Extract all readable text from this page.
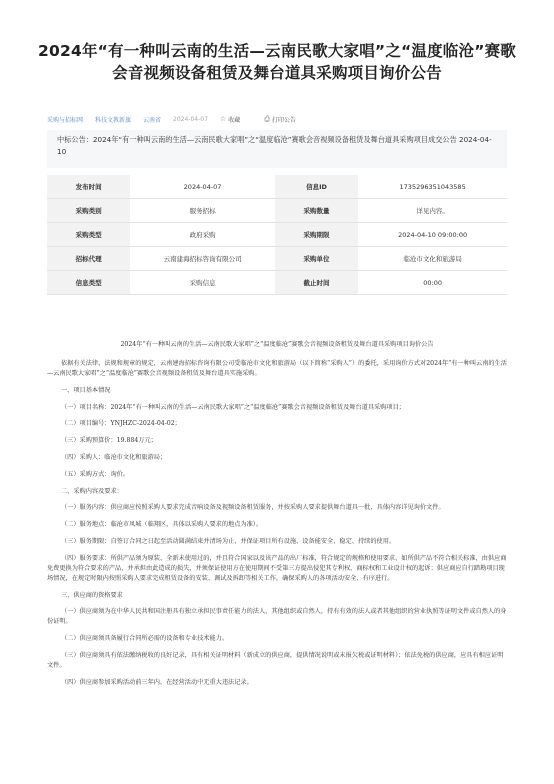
2024年“有一种叫云南的生活—云南民歌大家唱”之“温度临沧”赛歌
会音视频设备租赁及舞台道具采购项目询价公告
采购与招标网 科技文教新旗 云南省 2024-04-07 ☆ 收藏	⎙ 打印公告
中标公告：2024年“有一种叫云南的生活—云南民歌大家唱”之“温度临沧”赛歌会音视频设备租赁及舞台道具采购项目成交公告 2024-04-10
发布时间	2024-04-07	信息ID	1735296351043585
采购类别	服务招标	采购数量	详见内容。
采购类型	政府采购	采购期限	2024-04-10 09:00:00
招标代理	云南建海招标咨询有限公司	采购单位	临沧市文化和旅游局
信息类型	采购信息	截止时间	00:00

2024年“有一种叫云南的生活—云南民歌大家唱”之“温度临沧”赛歌会音视频设备租赁及舞台道具采购项目询价公告

依据有关法律、法规和规章的规定，云南建海招标咨询有限公司受临沧市文化和旅游局（以下简称“采购人”）的委托，采用询价方式对2024年“有一种叫云南的生活—云南民歌大家唱”之“温度临沧”赛歌会音视频设备租赁及舞台道具实施采购。

一、项目基本情况

（一）项目名称：2024年“有一种叫云南的生活—云南民歌大家唱”之“温度临沧”赛歌会音视频设备租赁及舞台道具采购项目；

（二）项目编号：YNJHZC-2024-04-02；

（三）采购预算价：19.884万元；

（四）采购人：临沧市文化和旅游局；

（五）采购方式：询价。

二、采购内容及要求：

（一）服务内容：供应商应按照采购人要求完成音响设备及视频设备租赁服务，并按采购人要求提供舞台道具一批，具体内容详见询价文件。

（二）服务地点：临沧市凤城（临翔区，具体以采购人要求的地点为准）。

（三）服务期限：自签订合同之日起至活动圆满结束并清场为止，并保证项目所有设施、设备能安全、稳定、持续的使用。

（四）服务要求：所供产品须为原装、全新未使用过的，并且符合国家以及该产品的出厂标准，符合规定的规格和使用要求，如所供产品不符合相关标准，由供应商免费更换为符合要求的产品，并承担由此造成的损失，并须保证使用方在使用期间不受第三方提出侵犯其专利权、商标权和工业设计权的起诉；供应商应自行踏勘项目现场情况，在规定时限内按照采购人要求完成租赁设备的安装、调试及拆卸等相关工作，确保采购人的各项活动安全、有序进行。

三、供应商的资格要求

（一）供应商须为在中华人民共和国注册具有独立承担民事责任能力的法人、其他组织或自然人，持有有效的法人或者其他组织的营业执照等证明文件或自然人的身份证明。

（二）供应商须具备履行合同所必需的设备和专业技术能力。

（三）供应商须具有依法缴纳税收的良好记录，具有相关证明材料（新成立的供应商，提供情况说明或未报欠税或证明材料）；依法免税的供应商，应具有相应证明文件。

（四）供应商参加采购活动前三年内，在经营活动中无重大违法记录。
